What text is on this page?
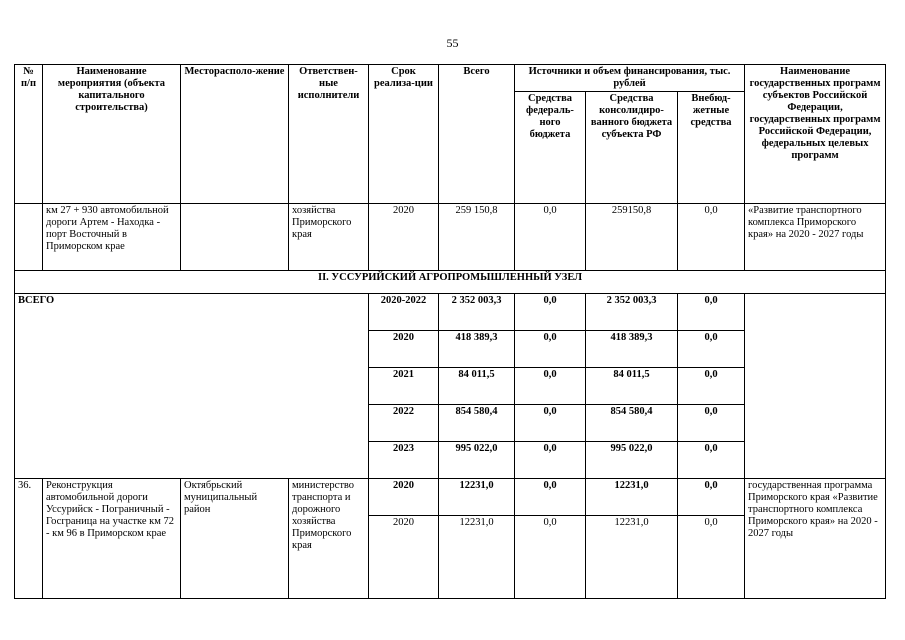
55
№ п/п	Наименование мероприятия (объекта капитального строительства)	Месторасполо-жение	Ответствен-ные исполнители	Срок реализа-ции	Всего	Источники и объем финансирования, тыс. рублей			Наименование государственных программ субъектов Российской Федерации, государственных программ Российской Федерации, федеральных целевых программ
						Средства федераль-ного бюджета	Средства консолидиро-ванного бюджета субъекта РФ	Внебюд-жетные средства	
	км 27 + 930 автомобильной дороги Артем - Находка - порт Восточный в Приморском крае		хозяйства Приморского края	2020	259 150,8	0,0	259150,8	0,0	«Развитие транспортного комплекса Приморского края» на 2020 - 2027 годы
II. УССУРИЙСКИЙ АГРОПРОМЫШЛЕННЫЙ УЗЕЛ									
ВСЕГО				2020-2022	2 352 003,3	0,0	2 352 003,3	0,0	
				2020	418 389,3	0,0	418 389,3	0,0	
				2021	84 011,5	0,0	84 011,5	0,0	
				2022	854 580,4	0,0	854 580,4	0,0	
				2023	995 022,0	0,0	995 022,0	0,0	
36.	Реконструкция автомобильной дороги Уссурийск - Пограничный - Госграница на участке км 72 - км 96 в Приморском крае	Октябрьский муниципальный район	министерство транспорта и дорожного хозяйства Приморского края	2020	12231,0	0,0	12231,0	0,0	государственная программа Приморского края «Развитие транспортного комплекса Приморского края» на 2020 - 2027 годы
				2020	12231,0	0,0	12231,0	0,0	
